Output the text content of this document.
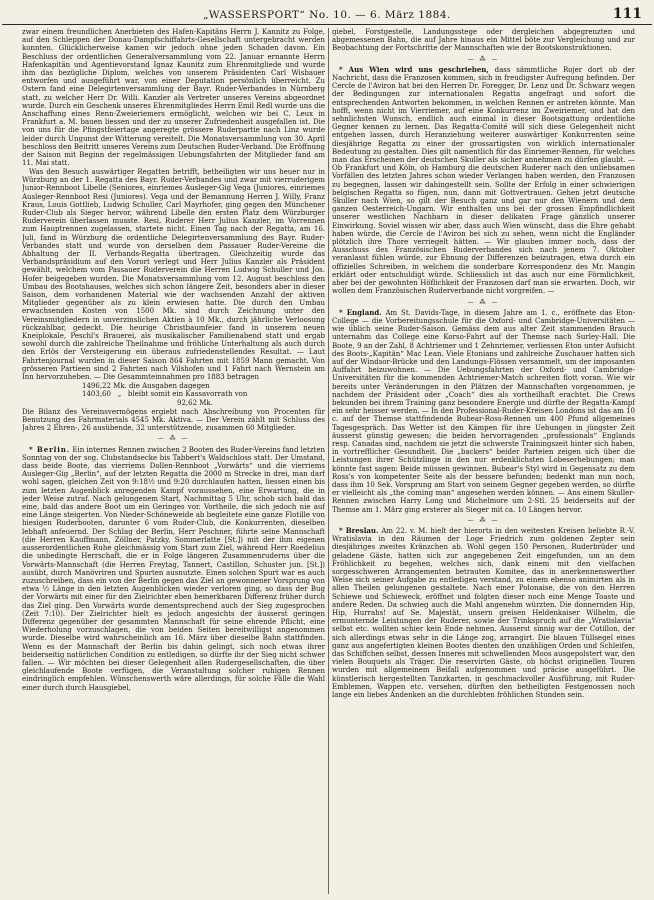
„WASSERSPORT“ No. 10. — 6. März 1884.	111

zwar einem freundlichen Anerbieten des Hafen-Kapitäns Herrn J. Kannitz zu Folge, auf den Schleppen der Donau-Dampfschiffahrts-Gesellschaft untergebracht werden konnten. Glücklicherweise kamen wir jedoch ohne jeden Schaden davon. Ein Beschluss der ordentlichen Generalversammlung vom 22. Januar ernannte Herrn Hafenkapitän und Agentievorstand Ignaz Kaunitz zum Ehrenmitgliede und wurde ihm das bezügliche Diplom, welches von unserem Präsidenten Carl Wisbauer entworfen und ausgeführt war, von einer Deputation persönlich überreicht. Zu Ostern fand eine Delegirtenversammlung der Bayr. Ruder-Verbandes in Nürnberg statt, zu welcher Herr Dr. Willi. Kanzler als Vertreter unseres Vereins abgeordnet wurde. Durch ein Geschenk unseres Ehrenmitgliedes Herrn Emil Redl wurde uns die Anschaffung eines Renn-Zweieriemers ermöglicht, welchen wir bei C. Leux in Frankfurt a. M. bauen liessen und der zu unserer Zufriedenheit ausgefallen ist. Die von uns für die Pfingstfeiertage angeregte grössere Ruderpartie nach Linz wurde leider durch Ungunst der Witterung vereitelt. Die Monatsversammlung von 30. April beschloss den Beitritt unseres Vereins zum Deutschen Ruder-Verband. Die Eröffnung der Saison mit Beginn der regelmässigen Uebungsfahrten der Mitglieder fand am 11. Mai statt.

Was den Besuch auswärtiger Regatten betrifft, betheiligten wir uns heuer nur in Würzburg an der 1. Regatta des Bayr. Ruder-Verbandes und zwar mit vierruderigem Junior-Rennboot Libelle (Seniores, einriemes Ausleger-Gig Vega (Juniores, einriemes Ausleger-Rennboot Resi (Juniores). Vega und der Bemannung Herren J. Willy, Franz Kraus, Louis Gottlieb, Ludwig Schuller, Carl Mayrhofer, ging gegen den Münchener Ruder-Club als Sieger hervor, während Libelle den ersten Platz dem Würzburger Ruderverein überlassen musste. Resi, Ruderer Herr Julius Kanzler, im Vorrennen zum Hauptrennen zugelassen, startete nicht. Einen Tag nach der Regatta, am 16. Juli, fand in Würzburg die ordentliche Delegirtenversammlung des Bayr. Ruder-Verbandes statt und wurde von derselben dem Passauer Ruder-Vereine die Abhaltung der II. Verbands-Regatta übertragen. Gleichzeitig wurde das Verbandspräsidium auf den Vorort verlegt und Herr Julius Kanzler als Präsident gewählt, welchem vom Passauer Ruderverein die Herren Ludwig Schuller und Jos. Hofer beigegeben wurden. Die Monatsversammlung vom 12. August beschloss den Umbau des Bootshauses, welches sich schon längere Zeit, besonders aber in dieser Saison, dem vorhandenen Material wie der wachsenden Anzahl der aktiven Mitglieder gegenüber als zu klein erwiesen hatte. Die durch den Umbau erwachsenden Kosten von 1500 Mk. sind durch Zeichnung unter den Vereinsmitgliedern in unverzinslichen Aktien à 10 Mk., durch jährliche Verloosung rückzahlbar, gedeckt. Die heurige Christbaumfeier fand in unserem neuen Kneiplokale, Peschl's Brauerei, als musikalischer Familienabend statt und ergab sowohl durch die zahlreiche Theilnahme und fröhliche Unterhaltung als auch durch den Erlös der Versteigerung ein überaus zufriedenstellendes Resultat. — Laut Fahrtenjournal wurden in dieser Saison 864 Fahrten mit 1859 Mann gemacht. Von grösseren Partieen sind 2 Fahrten nach Vilshofen und 1 Fahrt nach Wernstein am Inn hervorzuheben. — Die Gesammteinnahmen pro 1883 betragen

1496,22 Mk. die Ausgaben dagegen

1403,60   „   bleibt somit ein Kassavorrath von

92,62 Mk.

Die Bilanz des Vereinsvermögens ergiebt nach Abschreibung von Procenten für Benutzung des Fahrmaterials 4545 Mk. Aktiva. — Der Verein zählt mit Schluss des Jahres 2 Ehren-, 26 ausübende, 32 unterstützende, zusammen 60 Mitglieder.

— ⁂ —

* Berlin. Ein internes Rennen zwischen 2 Booten des Ruder-Vereins fand letzten Sonntag von der sog. Clubstandsecke bis Tabbert's Waldschloss statt. Der Umstand, dass beide Boote, das vierriems Dollen-Rennboot „Vorwärts“ und die vierriems Ausleger-Gig „Berlin“, auf der letzten Regatta die 2000 m Strecke in drei, man darf wohl sagen, gleichen Zeit von 9:18½ und 9:20 durchlaufen hatten, liessen einen bis zum letzten Augenblick anregenden Kampf voraussehen, eine Erwartung, die in jeder Weise zutraf. Nach gelungenem Start, Nachmittag 5 Uhr, schob sich bald das eine, bald das andere Boot um ein Geringes vor. Vortheile, die sich jedoch nie auf eine Länge steigerten. Von Nieder-Schöneweide ab begleitete eine ganze Flotille von hiesigen Ruderbooten, darunter 6 vom Ruder-Club, die Konkurrenten, dieselben lebhaft anfeuernd. Der Schlag der Berlin, Herr Peschner, führte seine Mannschaft (die Herren Kauffmann, Zöllner, Patzky, Sommerlatte [St.]) mit der ihm eigenen ausserordentlichen Ruhe gleichmässig vom Start zum Ziel, während Herr Roedelius die unbedingte Herrschaft, die er in Folge längeren Zusammenruderns über die Vorwärts-Mannschaft (die Herren Freytag, Tannert, Castillon, Schuster jun. [St.]) ausübt, durch Manövriren und Spurten ausnutzte. Einen solchen Spurt war es auch zuzuschreiben, dass ein von der Berlin gegen das Ziel an gewonnener Vorsprung von etwa ½ Länge in den letzten Augenblicken wieder verloren ging, so dass der Bug der Vorwärts mit einer für den Zielrichter eben bemerkbaren Differenz früher durch das Ziel ging. Den Vorwärts wurde dementsprechend auch der Sieg zugesprochen (Zeit 7:10). Der Zielrichter hielt es jedoch angesichts der äusserst geringen Differenz gegenüber der gesammten Mannschaft für seine ehrende Pflicht, eine Wiederholung vorzuschlagen, die von beiden Seiten bereitwilligst angenommen wurde. Dieselbe wird wahrscheinlich am 16. März über dieselbe Bahn stattfinden. Wenn es der Mannschaft der Berlin bis dahin gelingt, sich noch etwas ihrer beiderseitig natürlichen Condition zu entledigen, so dürfte ihr der Sieg nicht schwer fallen. — Wir möchten bei dieser Gelegenheit allen Rudergesellschaften, die über gleichlaufende Boote verfügen, die Veranstaltung solcher ruhigen Rennen eindringlich empfehlen. Wünschenswerth wäre allerdings, für solche Fälle die Wahl einer durch durch Hausgiebel,

giebel, Forstgestelle, Landungsstege oder dergleichen abgegrenzten und abgemessenen Bahn, die auf Jahre hinaus ein Mittel böte zur Vergleichung und zur Beobachtung der Fortschritte der Mannschaften wie der Bootskonstruktionen.

— ⁂ —

* Aus Wien wird uns geschrieben, dass sämmtliche Rojer dort ob der Nachricht, dass die Franzosen kommen, sich in freudigster Aufregung befinden. Der Cercle de l'Aviron hat bei den Herren Dr. Foregger, Dr. Lenz und Dr. Schwarz wegen der Bedingungen zur internationalen Regatta angefragt und sofort die entsprechenden Antworten bekommen, in welchen Rennen er antreten könnte. Man hofft, wenn nicht im Vierriemer, auf eine Konkurrenz im Zweiriemer, und hat den sehnlichsten Wunsch, endlich auch einmal in dieser Bootsgattung ordentliche Gegner kennen zu lernen. Das Regatta-Comité will sich diese Gelegenheit nicht entgehen lassen, durch Heranziehung weiterer auswärtiger Konkurrenten seine diesjährige Regatta zu einer der grossartigsten von wirklich internationaler Bedeutung zu gestalten. Dies gilt namentlich für das Einriemer-Rennen, für welches man das Erscheinen der deutschen Skuller als sicher annehmen zu dürfen glaubt. — Ob Frankfurt und Köln, ob Hamburg die deutschen Ruderer nach den unliebsamen Vorfällen des letzten Jahres schon wieder Verlangen haben werden, den Franzosen zu begegnen, lassen wir dahingestellt sein. Sollte der Erfolg in einer schwierigen belgischen Regatta so fügen, nun, dann mit Gottvertrauen. Gehen jetzt deutsche Skuller nach Wien, so gilt der Besuch ganz und gar nur den Wienern und dem ganzen Oesterreich-Ungarn. Wir enthalten uns bei der grossen Empfindlichkeit unserer westlichen Nachbarn in dieser delikaten Frage gänzlich unserer Einwirkung. Soviel wissen wir aber, dass auch Wien wünscht, dass die Ehre gehabt haben würde, die Cercle de l'Aviron bei sich zu sehen, wenn nicht die Engländer plötzlich ihre Thore verriegelt hätten. — Wir glauben immer noch, dass der Ausschuss des Französischen Ruderverbandes sich nach jenem 7. Oktober veranlasst fühlen würde, zur Ebnung der Differenzen beizutragen, etwa durch ein offizielles Schreiben, in welchem die sonderbare Korrespondenz des Mr. Mangin erklärt oder entschuldigt würde. Schliesslich ist das auch nur eine Förmlichkeit, aber bei der gewohnten Höflichkeit der Franzosen darf man sie erwarten. Doch, wir wollen dem Französischen Ruderverbande nicht vorgreifen. —

— ⁂ —

* England. Am St. Davids-Tage, in diesem Jahre am 1. c., eröffnete das Eton-College — die Vorbereitungsschule für die Oxford- und Cambridge-Universitäten — wie üblich seine Ruder-Saison. Gemäss dem aus alter Zeit stammenden Brauch unternahm das College eine Korso-Fahrt auf der Themse nach Surley-Hall. Die Boote, 9 an der Zahl, 8 Achtriemer und 1 Zehnriemer, verliessen Eton unter Aufsicht des Boots-„Kapitän“ Mac Lean. Viele Etonians und zahlreiche Zuschauer hatten sich auf der Windsor-Brücke und den Landungs-Flössen versammelt, um der imposanten Auffahrt beizuwohnen. — Die Uebungsfahrten der Oxford- und Cambridge-Universitäten für die kommenden Achtriemer-Match schreiten flott voran. Wie wir bereits unter Veränderungen in den Plätzen der Mannschaften vorgenommen, je nachdem der Präsident oder „Coach“ dies als vortheilhaft erachtet. Die Crews bekunden bei ihrem Training ganz besondere Energie und dürfte der Regatta-Kampf ein sehr heisser werden. — In den Professional-Ruder-Kreisen Londons ist das am 10 c. auf der Themse stattfindende Bubear-Ross-Rennen um 400 Pfund allgemeines Tagesgespräch. Das Wetter ist den Kämpen für ihre Uebungen in jüngster Zeit äusserst günstig gewesen; die beiden hervorragenden „professionals“ Englands resp. Canadas sind, nachdem sie jetzt die schwerste Trainingszeit hinter sich haben, in vortrefflicher Gesundheit. Die „backers“ beider Parteien zeigen sich über die Leistungen ihrer Schützlinge in den nur erdenklichsten Lobeserhebungen; man könnte fast sagen: Beide müssen gewinnen. Bubear's Styl wird in Gegensatz zu dem Ross's von kompetenter Seite als der bessere befunden; bedenkt man nun noch, dass ihm 10 Sek. Vorsprung am Start von seinem Gegner gegeben werden, so dürfte er vielleicht als „the coming man“ angesehen werden können. — Ans einem Skuller-Rennen zwischen Harry Long und Michelmore um 2-Stl. 25 beiderseits auf der Themse am 1. März ging ersterer als Sieger mit ca. 10 Längen hervor.

— ⁂ —

* Breslau. Am 22. v. M. hielt der hierorts in den weitesten Kreisen beliebte R.-V. Wratislavia in den Räumen der Loge Friedrich zum goldenen Zepter sein diesjähriges zweites Kränzchen ab. Wohl gegen 150 Personen, Ruderbrüder und geladene Gäste, hatten sich zur angegebenen Zeit eingefunden, um an dem Fröhlichkeit zu begehen, welches sich, dank einem mit den vielfachen sorgesschweren Arrangementen betrauten Komitee, das in anerkennenswerther Weise sich seiner Aufgabe zu entledigen verstand, zu einem ebenso animirten als in allen Theilen gelungenen gestaltete. Nach einer Polonaise, die von den Herren Schiewe und Schieweck, eröffnet und folgten dieser noch eine Menge Toaste und andere Reden. Da schwieg auch die Mahl angenehm würzten. Die donnernden Hip, Hip, Hurrahs! auf Se. Majestät, unsern greisen Heldenkaiser Wilhelm, die ermunternde Leistungen der Ruderer, sowie der Trinkspruch auf die „Wratislavia“ selbst etc. wollten schier kein Ende nehmen. Ausserst sinnig war der Cotillon, der sich allerdings etwas sehr in die Länge zog, arrangirt. Die blauen Tüllsegel eines ganz aus angefertigten kleinen Bootes dienten den unzähligen Orden und Schleifen, das Schiffchen selbst, dessen Inneres mit schwellenden Moos ausgepolstert war, den vielen Bouquets als Träger. Die reservirten Gäste, ob höchst originellen Touren wurden mit allgemeinem Beifall aufgenommen und präcise ausgeführt. Die künstlerisch hergestellten Tanzkarten, in geschmackvoller Ausführung, mit Ruder-Emblemen, Wappen etc. versehen, dürften den betheiligten Festgenossen noch lange ein liebes Andenken an die durchlebten fröhlichen Stunden sein.
